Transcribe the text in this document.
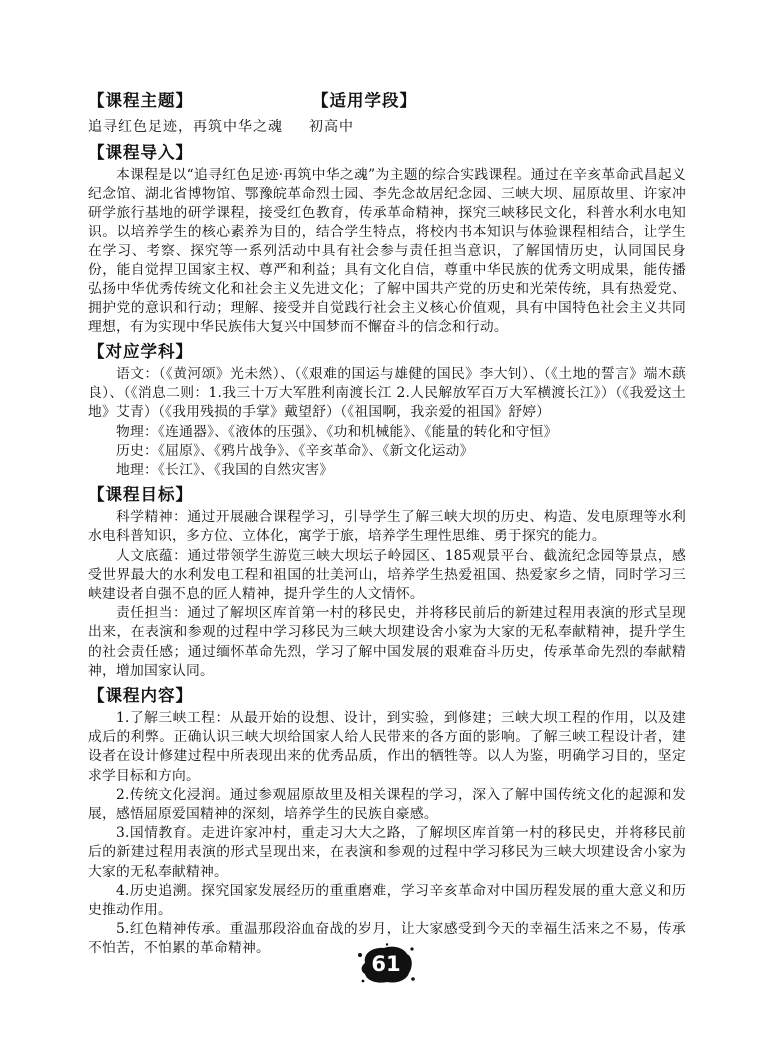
【课程主题】	【适用学段】
追寻红色足迹，再筑中华之魂 初高中
【课程导入】

本课程是以“追寻红色足迹·再筑中华之魂”为主题的综合实践课程。通过在辛亥革命武昌起义纪念馆、湖北省博物馆、鄂豫皖革命烈士园、李先念故居纪念园、三峡大坝、屈原故里、许家冲研学旅行基地的研学课程，接受红色教育，传承革命精神，探究三峡移民文化，科普水利水电知识。以培养学生的核心素养为目的，结合学生特点，将校内书本知识与体验课程相结合，让学生在学习、考察、探究等一系列活动中具有社会参与责任担当意识，了解国情历史，认同国民身份，能自觉捍卫国家主权、尊严和利益；具有文化自信，尊重中华民族的优秀文明成果，能传播弘扬中华优秀传统文化和社会主义先进文化；了解中国共产党的历史和光荣传统，具有热爱党、拥护党的意识和行动；理解、接受并自觉践行社会主义核心价值观，具有中国特色社会主义共同理想，有为实现中华民族伟大复兴中国梦而不懈奋斗的信念和行动。

【对应学科】

语文：（《黄河颂》光未然）、（《艰难的国运与雄健的国民》李大钊）、（《土地的誓言》端木蕻良）、（《消息二则：1.我三十万大军胜利南渡长江 2.人民解放军百万大军横渡长江》）（《我爱这土地》艾青）（《我用残损的手掌》戴望舒）（《祖国啊，我亲爱的祖国》舒婷）

物理：《连通器》、《液体的压强》、《功和机械能》、《能量的转化和守恒》

历史：《屈原》、《鸦片战争》、《辛亥革命》、《新文化运动》

地理：《长江》、《我国的自然灾害》

【课程目标】

科学精神：通过开展融合课程学习，引导学生了解三峡大坝的历史、构造、发电原理等水利水电科普知识，多方位、立体化，寓学于旅，培养学生理性思维、勇于探究的能力。

人文底蕴：通过带领学生游览三峡大坝坛子岭园区、185观景平台、截流纪念园等景点，感受世界最大的水利发电工程和祖国的壮美河山，培养学生热爱祖国、热爱家乡之情，同时学习三峡建设者自强不息的匠人精神，提升学生的人文情怀。

责任担当：通过了解坝区库首第一村的移民史，并将移民前后的新建过程用表演的形式呈现出来，在表演和参观的过程中学习移民为三峡大坝建设舍小家为大家的无私奉献精神，提升学生的社会责任感；通过缅怀革命先烈，学习了解中国发展的艰难奋斗历史，传承革命先烈的奉献精神，增加国家认同。

【课程内容】

1.了解三峡工程：从最开始的设想、设计，到实验，到修建；三峡大坝工程的作用，以及建成后的利弊。正确认识三峡大坝给国家人给人民带来的各方面的影响。了解三峡工程设计者，建设者在设计修建过程中所表现出来的优秀品质，作出的牺牲等。以人为鉴，明确学习目的，坚定求学目标和方向。

2.传统文化浸润。通过参观屈原故里及相关课程的学习，深入了解中国传统文化的起源和发展，感悟屈原爱国精神的深刻，培养学生的民族自豪感。

3.国情教育。走进许家冲村，重走习大大之路，了解坝区库首第一村的移民史，并将移民前后的新建过程用表演的形式呈现出来，在表演和参观的过程中学习移民为三峡大坝建设舍小家为大家的无私奉献精神。

4.历史追溯。探究国家发展经历的重重磨难，学习辛亥革命对中国历程发展的重大意义和历史推动作用。

5.红色精神传承。重温那段浴血奋战的岁月，让大家感受到今天的幸福生活来之不易，传承不怕苦，不怕累的革命精神。

61
